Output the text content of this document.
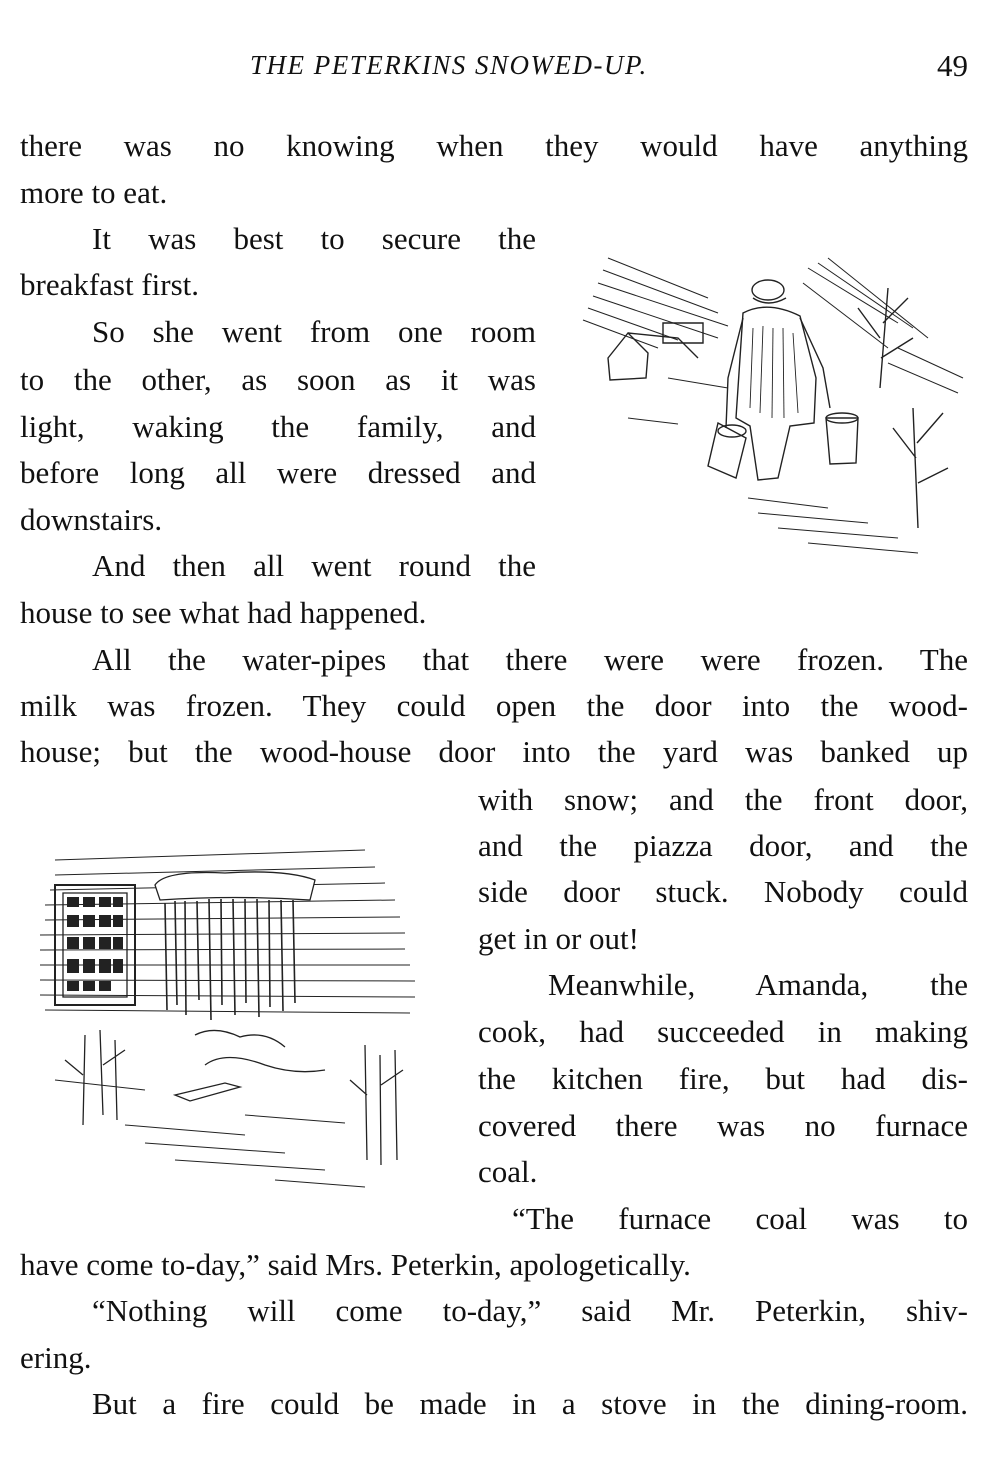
THE PETERKINS SNOWED-UP.	49
there was no knowing when they would have anything
more to eat.
It was best to secure the
breakfast first.
So she went from one room
to the other, as soon as it was
light, waking the family, and
before long all were dressed and
downstairs.
And then all went round the
house to see what had happened.
All the water-pipes that there were were frozen. The
milk was frozen. They could open the door into the wood-
house; but the wood-house door into the yard was banked up
with snow; and the front door,
and the piazza door, and the
side door stuck. Nobody could
get in or out!
Meanwhile, Amanda, the
cook, had succeeded in making
the kitchen fire, but had dis-
covered there was no furnace
coal.
“The furnace coal was to
have come to-day,” said Mrs. Peterkin, apologetically.
“Nothing will come to-day,” said Mr. Peterkin, shiv-
ering.
But a fire could be made in a stove in the dining-room.
